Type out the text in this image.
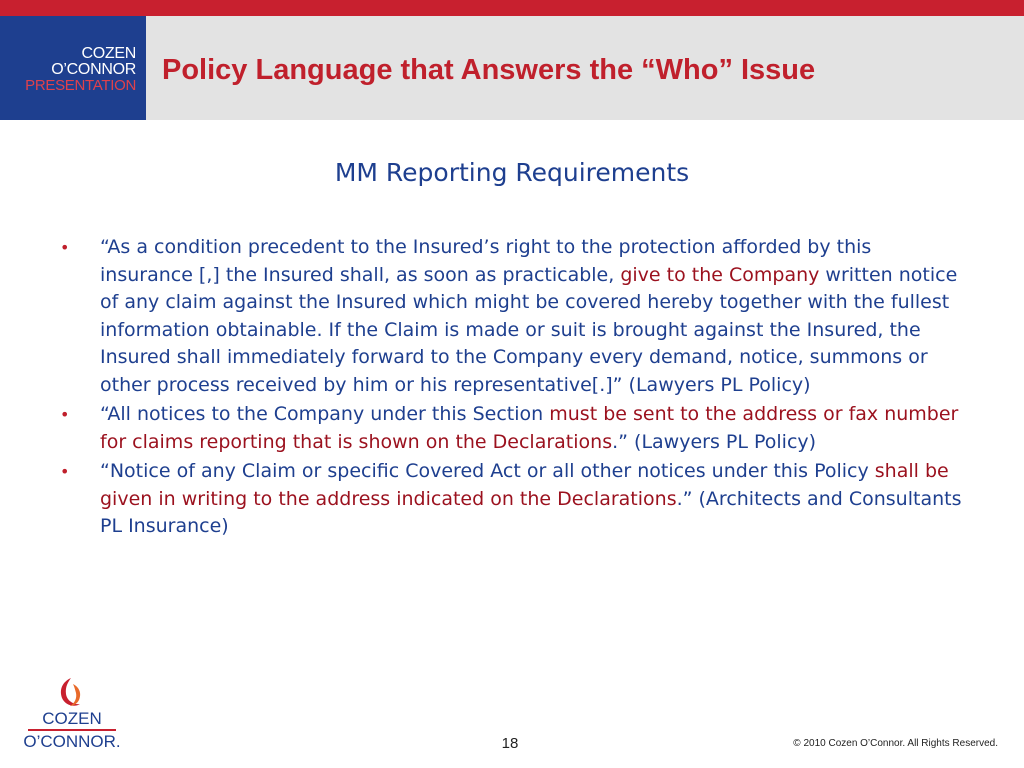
COZEN
O’CONNOR
PRESENTATION Policy Language that Answers the “Who” Issue
MM Reporting Requirements
• “As a condition precedent to the Insured’s right to the protection afforded by this insurance [,] the Insured shall, as soon as practicable, give to the Company written notice of any claim against the Insured which might be covered hereby together with the fullest information obtainable. If the Claim is made or suit is brought against the Insured, the Insured shall immediately forward to the Company every demand, notice, summons or other process received by him or his representative[.]” (Lawyers PL Policy)
• “All notices to the Company under this Section must be sent to the address or fax number for claims reporting that is shown on the Declarations.” (Lawyers PL Policy)
• “Notice of any Claim or specific Covered Act or all other notices under this Policy shall be given in writing to the address indicated on the Declarations.” (Architects and Consultants PL Insurance)
COZEN
O’CONNOR.	18	© 2010 Cozen O’Connor. All Rights Reserved.
